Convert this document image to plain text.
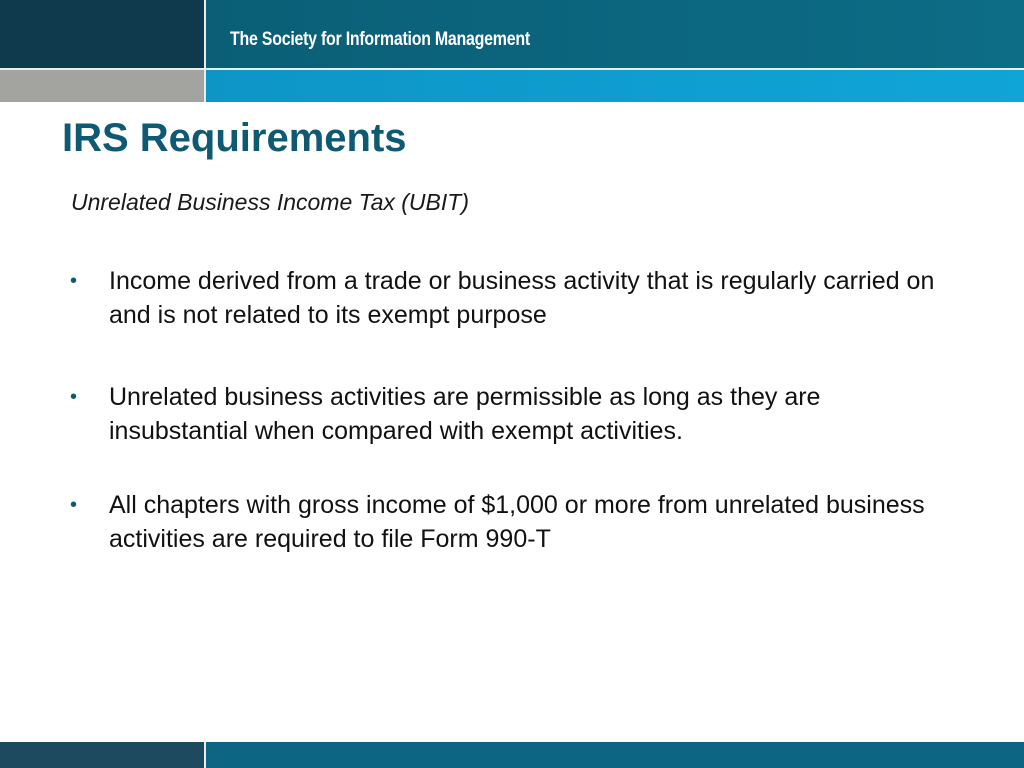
The Society for Information Management
IRS Requirements
Unrelated Business Income Tax (UBIT)
• Income derived from a trade or business activity that is regularly carried on and is not related to its exempt purpose
• Unrelated business activities are permissible as long as they are insubstantial when compared with exempt activities.
• All chapters with gross income of $1,000 or more from unrelated business activities are required to file Form 990-T
